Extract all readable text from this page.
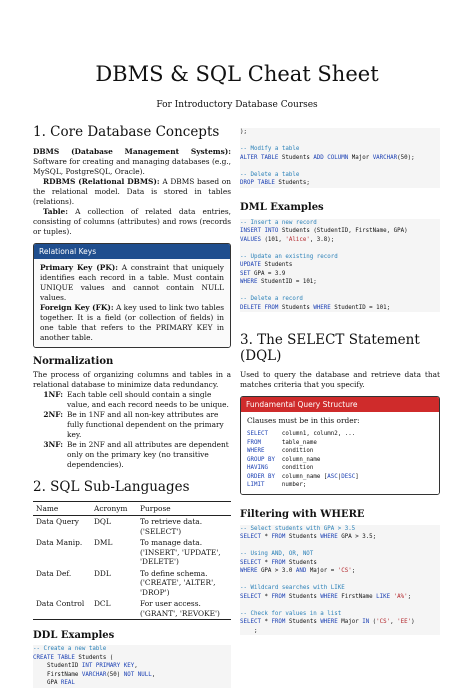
DBMS & SQL Cheat Sheet
For Introductory Database Courses
1. Core Database Concepts

DBMS (Database Management Systems): Software for creating and managing databases (e.g., MySQL, PostgreSQL, Oracle).

RDBMS (Relational DBMS): A DBMS based on the relational model. Data is stored in tables (relations).

Table: A collection of related data entries, consisting of columns (attributes) and rows (records or tuples).

Relational Keys

Primary Key (PK): A constraint that uniquely identifies each record in a table. Must contain UNIQUE values and cannot contain NULL values.

Foreign Key (FK): A key used to link two tables together. It is a field (or collection of fields) in one table that refers to the PRIMARY KEY in another table.

Normalization

The process of organizing columns and tables in a relational database to minimize data redundancy.

1NF: Each table cell should contain a single value, and each record needs to be unique.
2NF: Be in 1NF and all non-key attributes are fully functional dependent on the primary key.
3NF: Be in 2NF and all attributes are dependent only on the primary key (no transitive dependencies).
2. SQL Sub-Languages
Name	Acronym	Purpose
Data Query	DQL	To retrieve data. ('SELECT')
Data Manip.	DML	To manage data. ('INSERT', 'UPDATE', 'DELETE')
Data Def.	DDL	To define schema. ('CREATE', 'ALTER', 'DROP')
Data Control	DCL	For user access. ('GRANT', 'REVOKE')
DDL Examples
-- Create a new table
CREATE TABLE Students (
StudentID INT PRIMARY KEY,
FirstName VARCHAR(50) NOT NULL,
GPA REAL
);

-- Modify a table
ALTER TABLE Students ADD COLUMN Major VARCHAR(50);

-- Delete a table
DROP TABLE Students;
DML Examples
-- Insert a new record
INSERT INTO Students (StudentID, FirstName, GPA)
VALUES (101, 'Alice', 3.8);

-- Update an existing record
UPDATE Students
SET GPA = 3.9
WHERE StudentID = 101;

-- Delete a record
DELETE FROM Students WHERE StudentID = 101;
3. The SELECT Statement (DQL)

Used to query the database and retrieve data that matches criteria that you specify.

Fundamental Query Structure

Clauses must be in this order:

SELECT    column1, column2, ...
FROM      table_name
WHERE     condition
GROUP BY  column_name
HAVING    condition
ORDER BY  column_name [ASC|DESC]
LIMIT     number;
Filtering with WHERE
-- Select students with GPA > 3.5
SELECT * FROM Students WHERE GPA > 3.5;

-- Using AND, OR, NOT
SELECT * FROM Students
WHERE GPA > 3.0 AND Major = 'CS';

-- Wildcard searches with LIKE
SELECT * FROM Students WHERE FirstName LIKE 'A%';

-- Check for values in a list
SELECT * FROM Students WHERE Major IN ('CS', 'EE')
;
